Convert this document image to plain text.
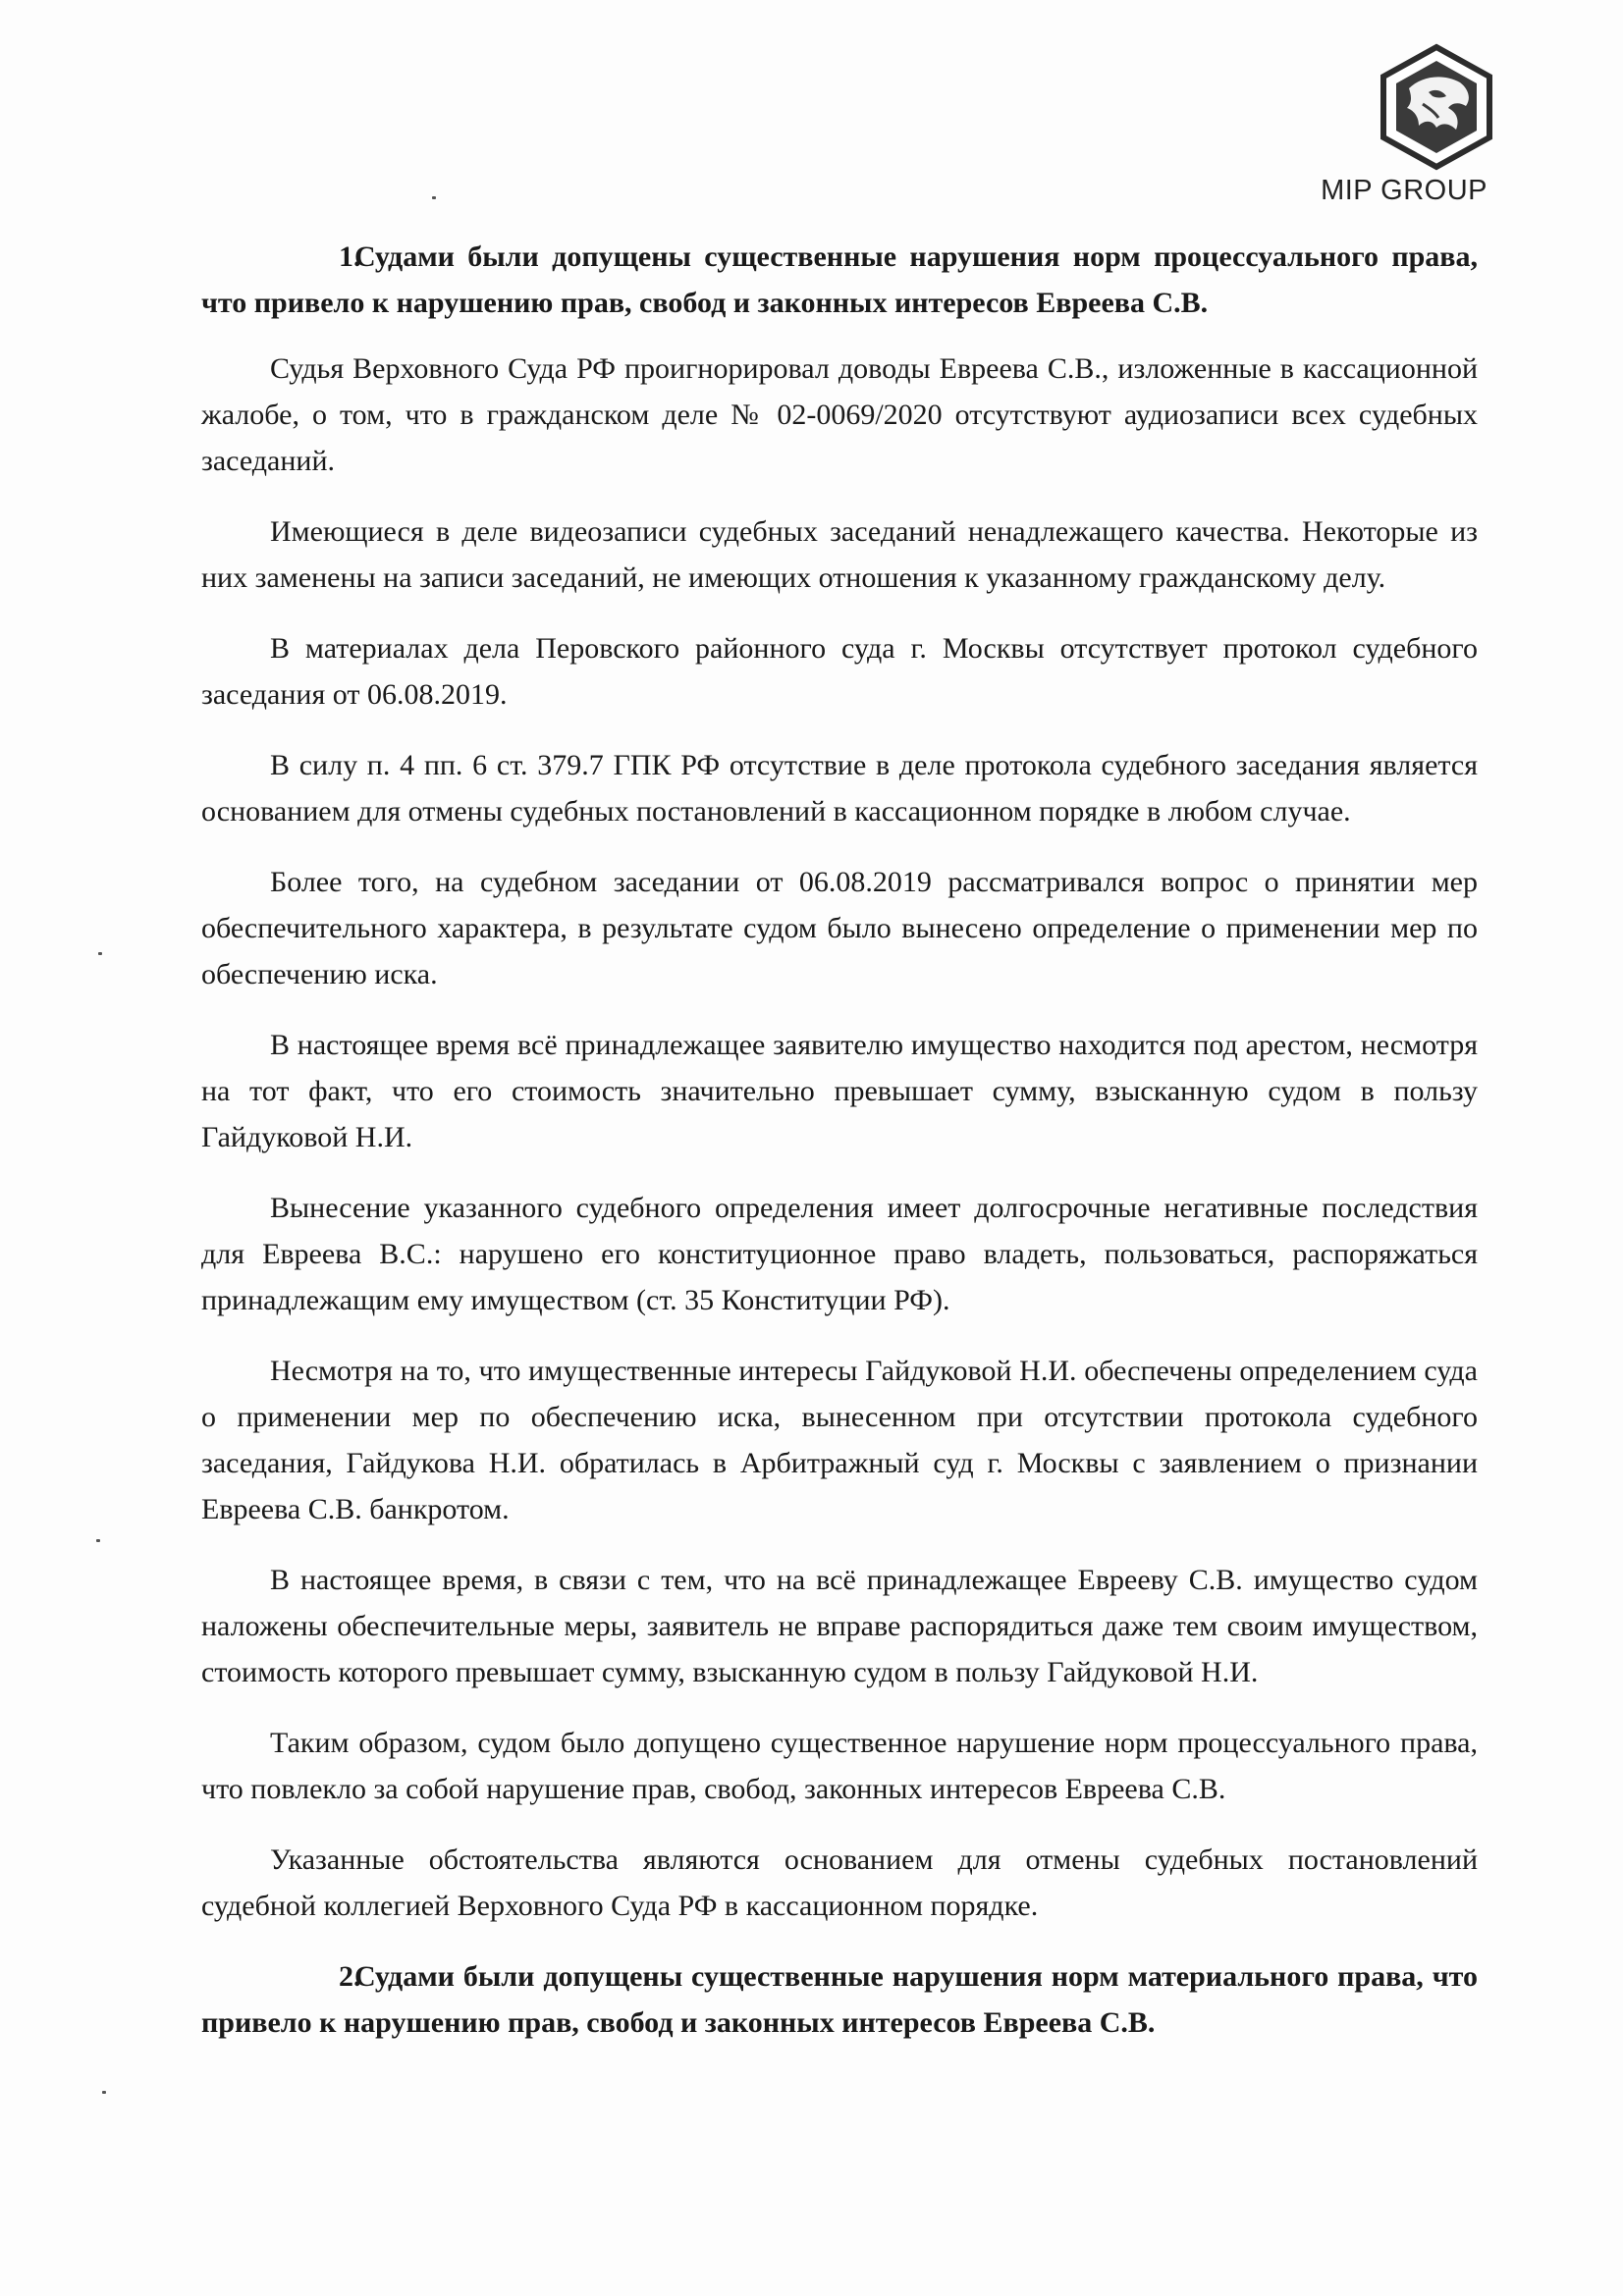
MIP GROUP

1.Судами были допущены существенные нарушения норм процессуального права, что привело к нарушению прав, свобод и законных интересов Евреева С.В.

Судья Верховного Суда РФ проигнорировал доводы Евреева С.В., изложенные в кассационной жалобе, о том, что в гражданском деле № 02-0069/2020 отсутствуют аудиозаписи всех судебных заседаний.

Имеющиеся в деле видеозаписи судебных заседаний ненадлежащего качества. Некоторые из них заменены на записи заседаний, не имеющих отношения к указанному гражданскому делу.

В материалах дела Перовского районного суда г. Москвы отсутствует протокол судебного заседания от 06.08.2019.

В силу п. 4 пп. 6 ст. 379.7 ГПК РФ отсутствие в деле протокола судебного заседания является основанием для отмены судебных постановлений в кассационном порядке в любом случае.

Более того, на судебном заседании от 06.08.2019 рассматривался вопрос о принятии мер обеспечительного характера, в результате судом было вынесено определение о применении мер по обеспечению иска.

В настоящее время всё принадлежащее заявителю имущество находится под арестом, несмотря на тот факт, что его стоимость значительно превышает сумму, взысканную судом в пользу Гайдуковой Н.И.

Вынесение указанного судебного определения имеет долгосрочные негативные последствия для Евреева В.С.: нарушено его конституционное право владеть, пользоваться, распоряжаться принадлежащим ему имуществом (ст. 35 Конституции РФ).

Несмотря на то, что имущественные интересы Гайдуковой Н.И. обеспечены определением суда о применении мер по обеспечению иска, вынесенном при отсутствии протокола судебного заседания, Гайдукова Н.И. обратилась в Арбитражный суд г. Москвы с заявлением о признании Евреева С.В. банкротом.

В настоящее время, в связи с тем, что на всё принадлежащее Еврееву С.В. имущество судом наложены обеспечительные меры, заявитель не вправе распорядиться даже тем своим имуществом, стоимость которого превышает сумму, взысканную судом в пользу Гайдуковой Н.И.

Таким образом, судом было допущено существенное нарушение норм процессуального права, что повлекло за собой нарушение прав, свобод, законных интересов Евреева С.В.

Указанные обстоятельства являются основанием для отмены судебных постановлений судебной коллегией Верховного Суда РФ в кассационном порядке.

2.Судами были допущены существенные нарушения норм материального права, что привело к нарушению прав, свобод и законных интересов Евреева С.В.
